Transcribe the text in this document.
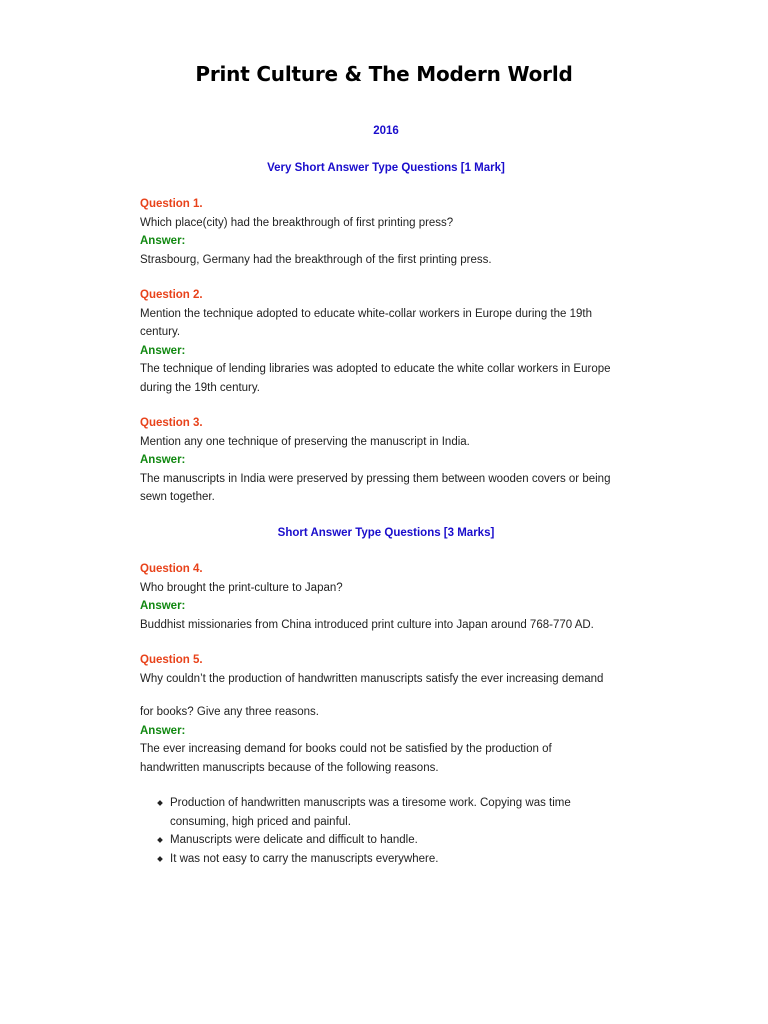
Print Culture & The Modern World
2016
Very Short Answer Type Questions [1 Mark]
Question 1.
Which place(city) had the breakthrough of first printing press?
Answer:
Strasbourg, Germany had the breakthrough of the first printing press.
Question 2.
Mention the technique adopted to educate white-collar workers in Europe during the 19th
century.
Answer:
The technique of lending libraries was adopted to educate the white collar workers in Europe
during the 19th century.
Question 3.
Mention any one technique of preserving the manuscript in India.
Answer:
The manuscripts in India were preserved by pressing them between wooden covers or being
sewn together.
Short Answer Type Questions [3 Marks]
Question 4.
Who brought the print-culture to Japan?
Answer:
Buddhist missionaries from China introduced print culture into Japan around 768-770 AD.
Question 5.
Why couldn’t the production of handwritten manuscripts satisfy the ever increasing demand
for books? Give any three reasons.
Answer:
The ever increasing demand for books could not be satisfied by the production of
handwritten manuscripts because of the following reasons.
Production of handwritten manuscripts was a tiresome work. Copying was time
consuming, high priced and painful.
Manuscripts were delicate and difficult to handle.
It was not easy to carry the manuscripts everywhere.
